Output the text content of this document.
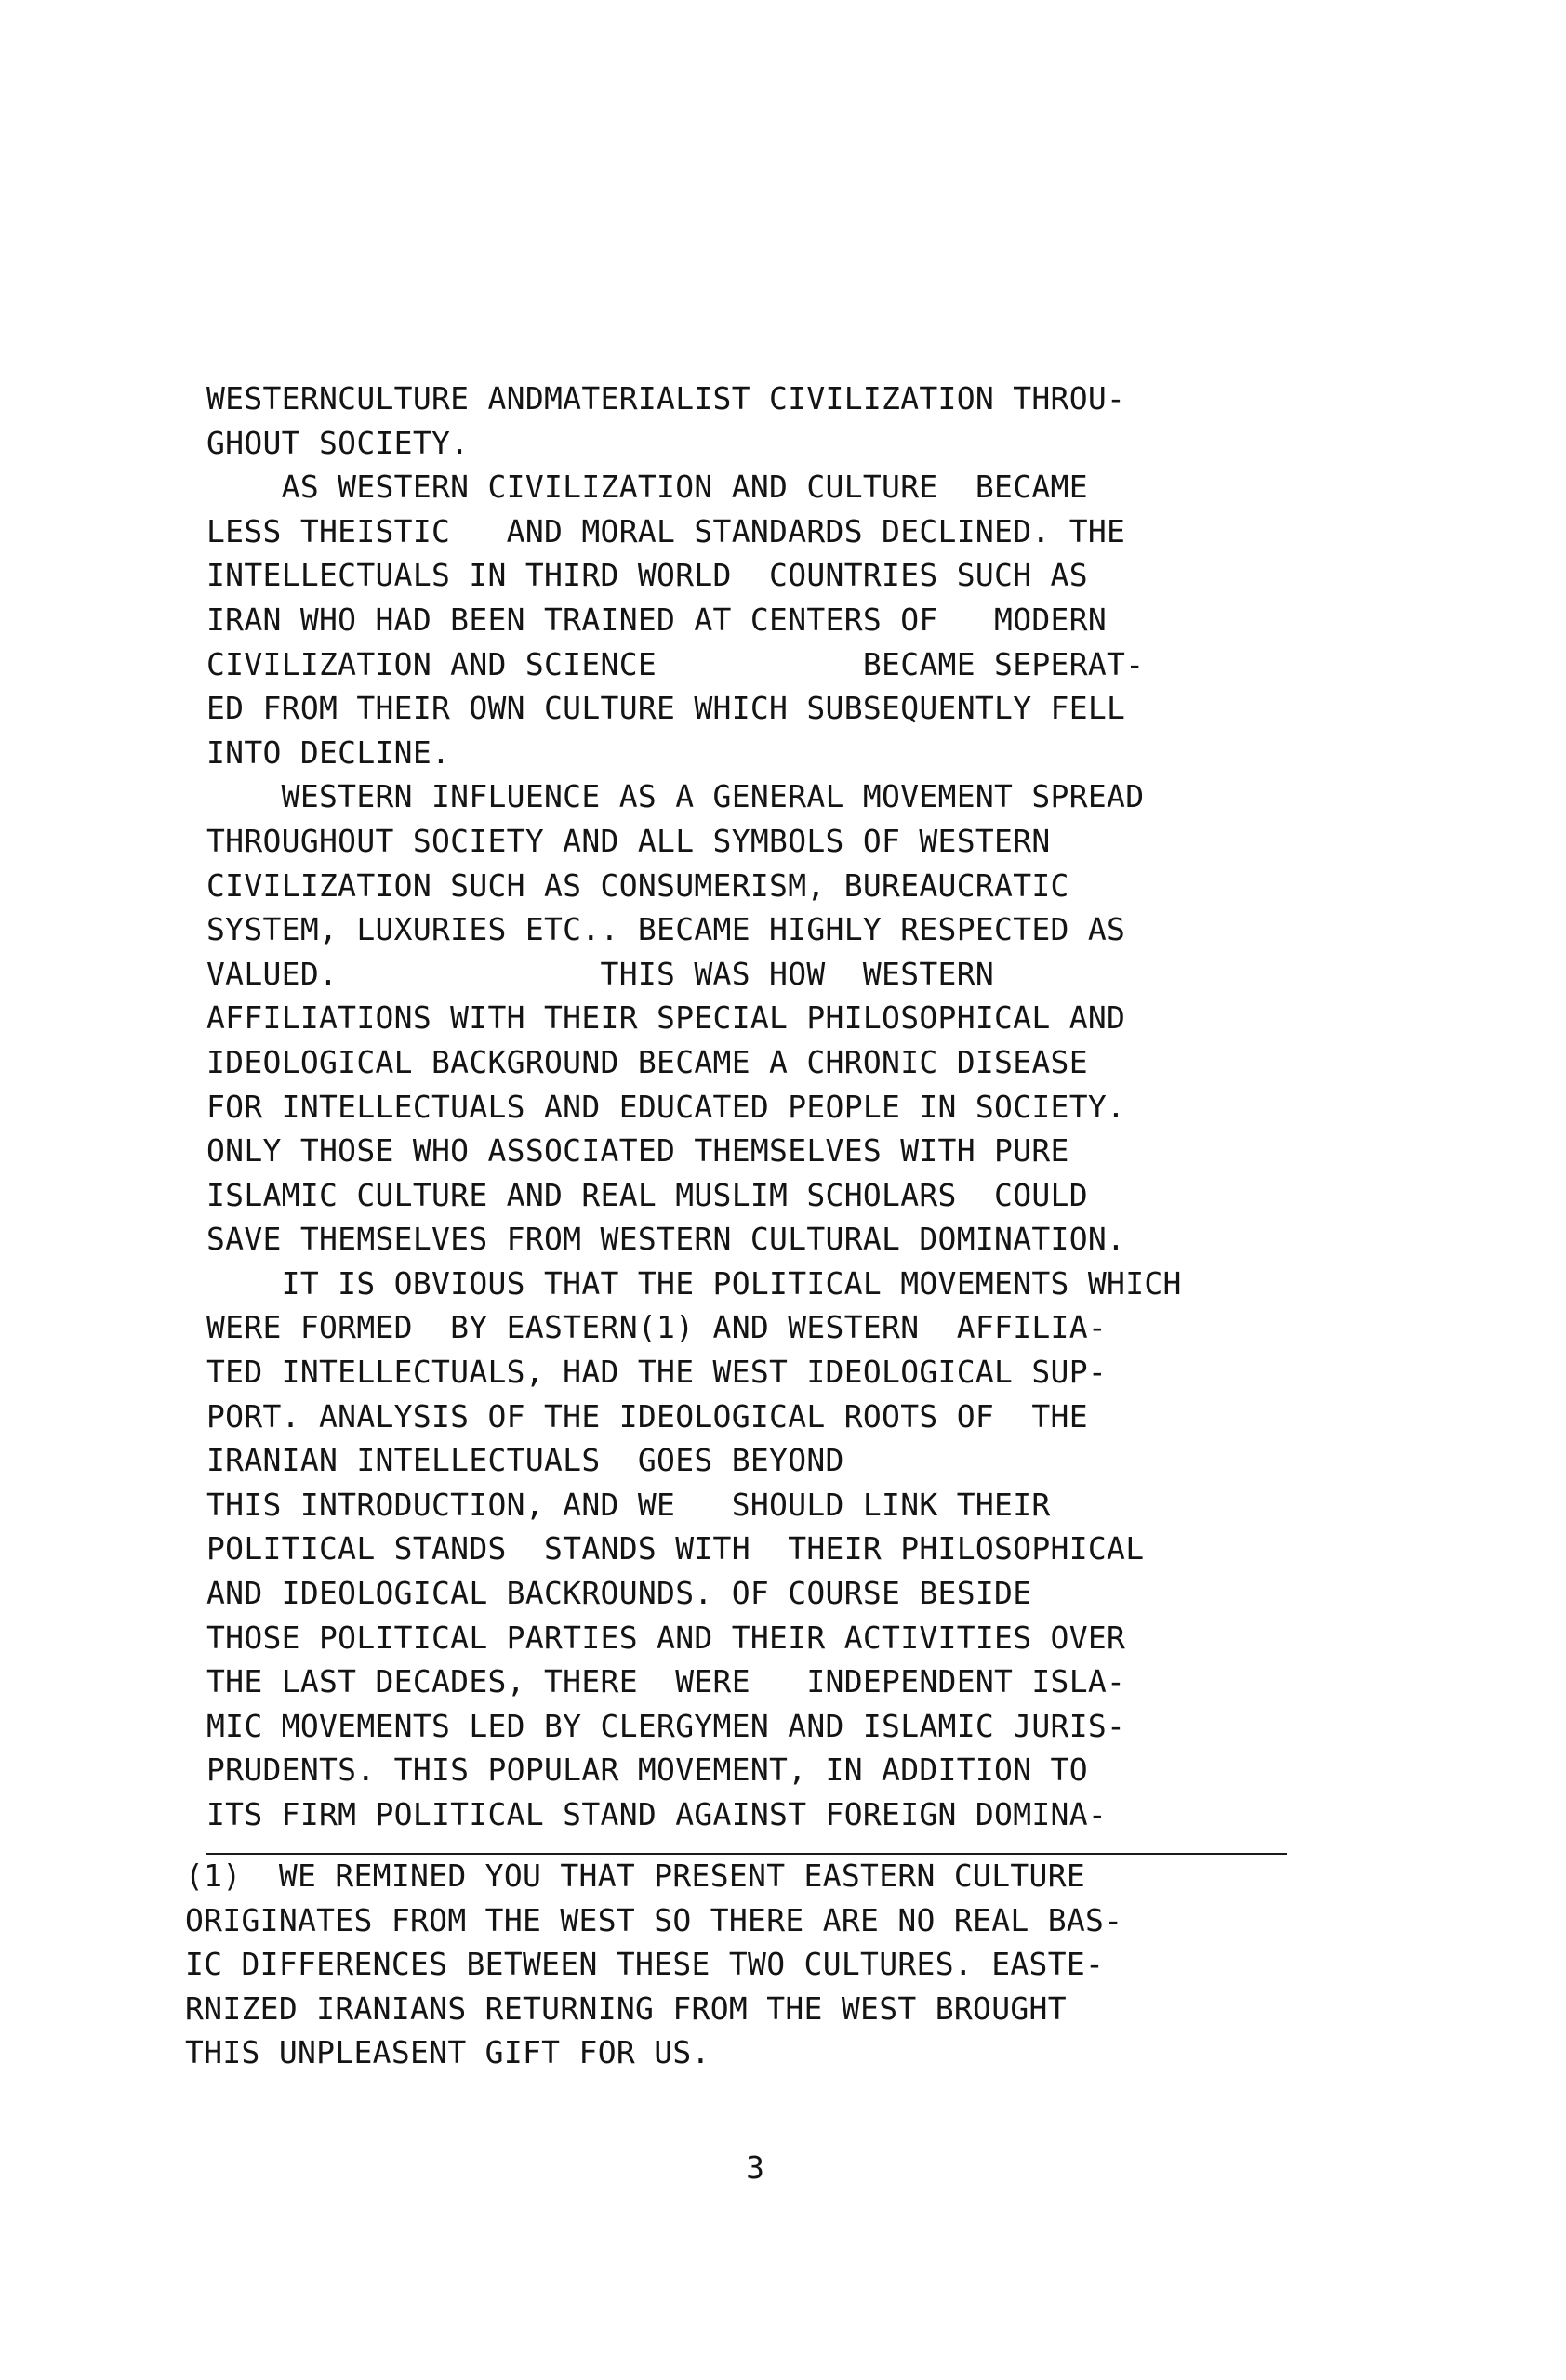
WESTERNCULTURE ANDMATERIALIST CIVILIZATION THROU-
GHOUT SOCIETY.
AS WESTERN CIVILIZATION AND CULTURE  BECAME
LESS THEISTIC   AND MORAL STANDARDS DECLINED. THE
INTELLECTUALS IN THIRD WORLD  COUNTRIES SUCH AS
IRAN WHO HAD BEEN TRAINED AT CENTERS OF   MODERN
CIVILIZATION AND SCIENCE           BECAME SEPERAT-
ED FROM THEIR OWN CULTURE WHICH SUBSEQUENTLY FELL
INTO DECLINE.
WESTERN INFLUENCE AS A GENERAL MOVEMENT SPREAD
THROUGHOUT SOCIETY AND ALL SYMBOLS OF WESTERN
CIVILIZATION SUCH AS CONSUMERISM, BUREAUCRATIC
SYSTEM, LUXURIES ETC.. BECAME HIGHLY RESPECTED AS
VALUED.              THIS WAS HOW  WESTERN
AFFILIATIONS WITH THEIR SPECIAL PHILOSOPHICAL AND
IDEOLOGICAL BACKGROUND BECAME A CHRONIC DISEASE
FOR INTELLECTUALS AND EDUCATED PEOPLE IN SOCIETY.
ONLY THOSE WHO ASSOCIATED THEMSELVES WITH PURE
ISLAMIC CULTURE AND REAL MUSLIM SCHOLARS  COULD
SAVE THEMSELVES FROM WESTERN CULTURAL DOMINATION.
IT IS OBVIOUS THAT THE POLITICAL MOVEMENTS WHICH
WERE FORMED  BY EASTERN(1) AND WESTERN  AFFILIA-
TED INTELLECTUALS, HAD THE WEST IDEOLOGICAL SUP-
PORT. ANALYSIS OF THE IDEOLOGICAL ROOTS OF  THE
IRANIAN INTELLECTUALS  GOES BEYOND
THIS INTRODUCTION, AND WE   SHOULD LINK THEIR
POLITICAL STANDS  STANDS WITH  THEIR PHILOSOPHICAL
AND IDEOLOGICAL BACKROUNDS. OF COURSE BESIDE
THOSE POLITICAL PARTIES AND THEIR ACTIVITIES OVER
THE LAST DECADES, THERE  WERE   INDEPENDENT ISLA-
MIC MOVEMENTS LED BY CLERGYMEN AND ISLAMIC JURIS-
PRUDENTS. THIS POPULAR MOVEMENT, IN ADDITION TO
ITS FIRM POLITICAL STAND AGAINST FOREIGN DOMINA-
(1)  WE REMINED YOU THAT PRESENT EASTERN CULTURE
ORIGINATES FROM THE WEST SO THERE ARE NO REAL BAS-
IC DIFFERENCES BETWEEN THESE TWO CULTURES. EASTE-
RNIZED IRANIANS RETURNING FROM THE WEST BROUGHT
THIS UNPLEASENT GIFT FOR US.
3
